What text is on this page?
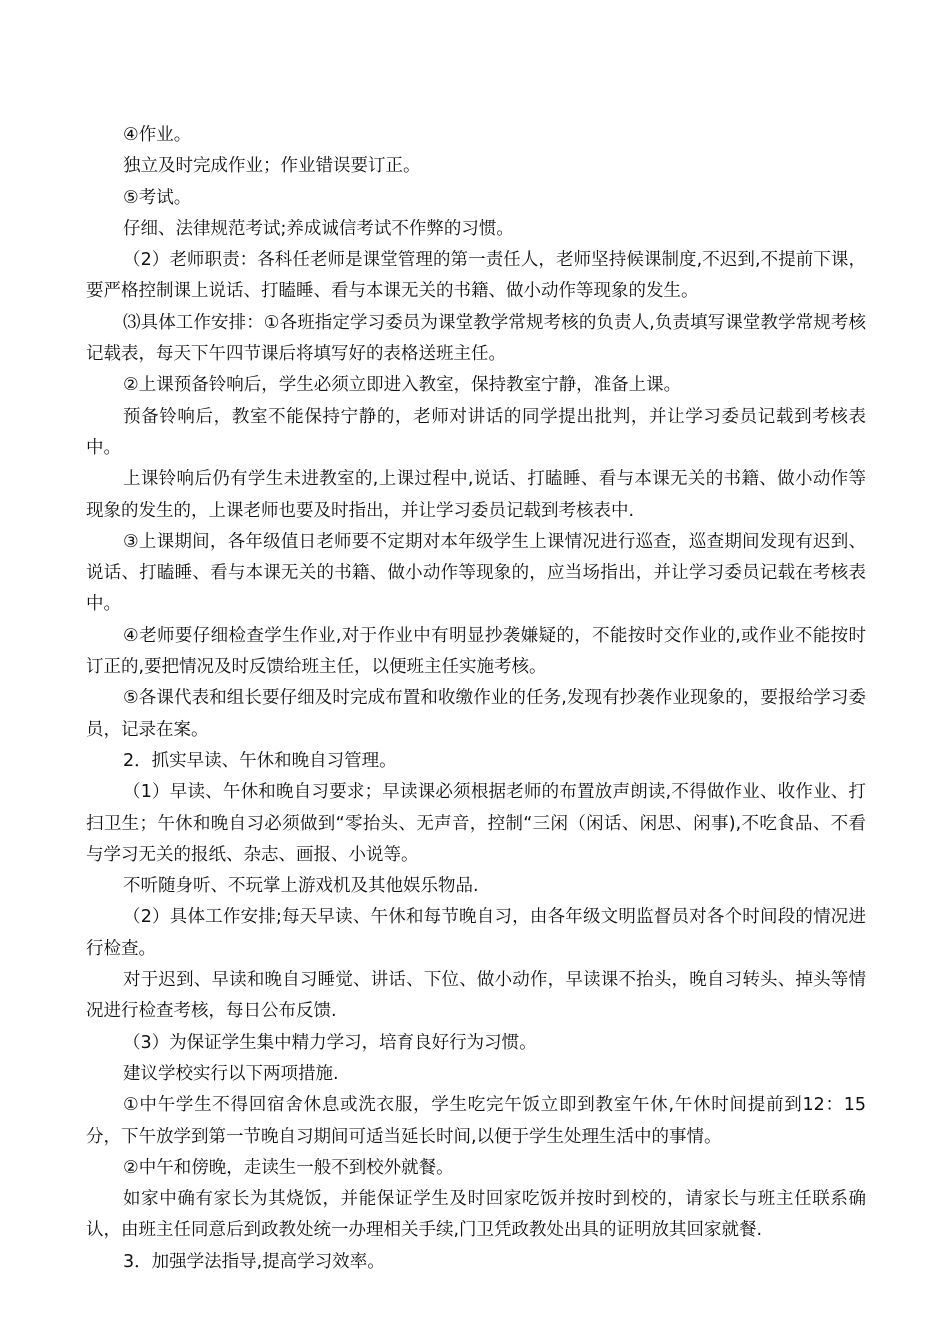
④作业。

独立及时完成作业；作业错误要订正。

⑤考试。

仔细、法律规范考试;养成诚信考试不作弊的习惯。

（2）老师职责：各科任老师是课堂管理的第一责任人，老师坚持候课制度,不迟到,不提前下课，要严格控制课上说话、打瞌睡、看与本课无关的书籍、做小动作等现象的发生。

⑶具体工作安排：①各班指定学习委员为课堂教学常规考核的负责人,负责填写课堂教学常规考核记载表，每天下午四节课后将填写好的表格送班主任。

②上课预备铃响后，学生必须立即进入教室，保持教室宁静，准备上课。

预备铃响后，教室不能保持宁静的，老师对讲话的同学提出批判，并让学习委员记载到考核表中。

上课铃响后仍有学生未进教室的,上课过程中,说话、打瞌睡、看与本课无关的书籍、做小动作等现象的发生的，上课老师也要及时指出，并让学习委员记载到考核表中.

③上课期间，各年级值日老师要不定期对本年级学生上课情况进行巡查，巡查期间发现有迟到、说话、打瞌睡、看与本课无关的书籍、做小动作等现象的，应当场指出，并让学习委员记载在考核表中。

④老师要仔细检查学生作业,对于作业中有明显抄袭嫌疑的，不能按时交作业的,或作业不能按时订正的,要把情况及时反馈给班主任，以便班主任实施考核。

⑤各课代表和组长要仔细及时完成布置和收缴作业的任务,发现有抄袭作业现象的，要报给学习委员，记录在案。

2．抓实早读、午休和晚自习管理。

（1）早读、午休和晚自习要求；早读课必须根据老师的布置放声朗读,不得做作业、收作业、打扫卫生；午休和晚自习必须做到“零抬头、无声音，控制“三闲（闲话、闲思、闲事),不吃食品、不看与学习无关的报纸、杂志、画报、小说等。

不听随身听、不玩掌上游戏机及其他娱乐物品.

（2）具体工作安排;每天早读、午休和每节晚自习，由各年级文明监督员对各个时间段的情况进行检查。

对于迟到、早读和晚自习睡觉、讲话、下位、做小动作，早读课不抬头，晚自习转头、掉头等情况进行检查考核，每日公布反馈.

（3）为保证学生集中精力学习，培育良好行为习惯。

建议学校实行以下两项措施.

①中午学生不得回宿舍休息或洗衣服，学生吃完午饭立即到教室午休,午休时间提前到12：15分，下午放学到第一节晚自习期间可适当延长时间,以便于学生处理生活中的事情。

②中午和傍晚，走读生一般不到校外就餐。

如家中确有家长为其烧饭，并能保证学生及时回家吃饭并按时到校的，请家长与班主任联系确认，由班主任同意后到政教处统一办理相关手续,门卫凭政教处出具的证明放其回家就餐.

3．加强学法指导,提高学习效率。
